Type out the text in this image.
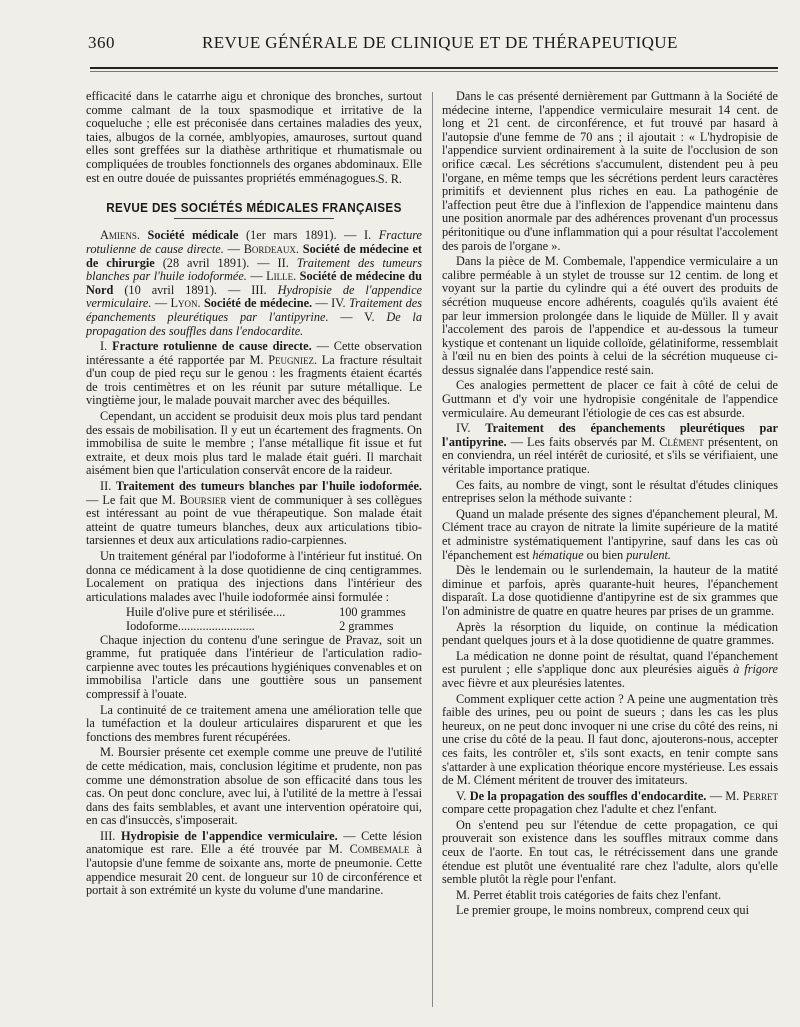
360	REVUE GÉNÉRALE DE CLINIQUE ET DE THÉRAPEUTIQUE

efficacité dans le catarrhe aigu et chronique des bronches, surtout comme calmant de la toux spasmodique et irritative de la coqueluche ; elle est préconisée dans certaines maladies des yeux, taies, albugos de la cornée, amblyopies, amauroses, surtout quand elles sont greffées sur la diathèse arthritique et rhumatismale ou compliquées de troubles fonctionnels des organes abdominaux. Elle est en outre douée de puissantes propriétés emménagogues. S. R.
REVUE DES SOCIÉTÉS MÉDICALES FRANÇAISES

Amiens. Société médicale (1er mars 1891). — I. Fracture rotulienne de cause directe. — Bordeaux. Société de médecine et de chirurgie (28 avril 1891). — II. Traitement des tumeurs blanches par l'huile iodoformée. — Lille. Société de médecine du Nord (10 avril 1891). — III. Hydropisie de l'appendice vermiculaire. — Lyon. Société de médecine. — IV. Traitement des épanchements pleurétiques par l'antipyrine. — V. De la propagation des souffles dans l'endocardite.

I. Fracture rotulienne de cause directe. — Cette observation intéressante a été rapportée par M. Peugniez. La fracture résultait d'un coup de pied reçu sur le genou : les fragments étaient écartés de trois centimètres et on les réunit par suture métallique. Le vingtième jour, le malade pouvait marcher avec des béquilles.

Cependant, un accident se produisit deux mois plus tard pendant des essais de mobilisation. Il y eut un écartement des fragments. On immobilisa de suite le membre ; l'anse métallique fit issue et fut extraite, et deux mois plus tard le malade était guéri. Il marchait aisément bien que l'articulation conservât encore de la raideur.

II. Traitement des tumeurs blanches par l'huile iodoformée. — Le fait que M. Boursier vient de communiquer à ses collègues est intéressant au point de vue thérapeutique. Son malade était atteint de quatre tumeurs blanches, deux aux articulations tibio-tarsiennes et deux aux articulations radio-carpiennes.

Un traitement général par l'iodoforme à l'intérieur fut institué. On donna ce médicament à la dose quotidienne de cinq centigrammes. Localement on pratiqua des injections dans l'intérieur des articulations malades avec l'huile iodoformée ainsi formulée :

Huile d'olive pure et stérilisée....	100 grammes
Iodoforme.........................	2 grammes

Chaque injection du contenu d'une seringue de Pravaz, soit un gramme, fut pratiquée dans l'intérieur de l'articulation radio-carpienne avec toutes les précautions hygiéniques convenables et on immobilisa l'article dans une gouttière sous un pansement compressif à l'ouate.

La continuité de ce traitement amena une amélioration telle que la tuméfaction et la douleur articulaires disparurent et que les fonctions des membres furent récupérées.

M. Boursier présente cet exemple comme une preuve de l'utilité de cette médication, mais, conclusion légitime et prudente, non pas comme une démonstration absolue de son efficacité dans tous les cas. On peut donc conclure, avec lui, à l'utilité de la mettre à l'essai dans des faits semblables, et avant une intervention opératoire qui, en cas d'insuccès, s'imposerait.

III. Hydropisie de l'appendice vermiculaire. — Cette lésion anatomique est rare. Elle a été trouvée par M. Combemale à l'autopsie d'une femme de soixante ans, morte de pneumonie. Cette appendice mesurait 20 cent. de longueur sur 10 de circonférence et portait à son extrémité un kyste du volume d'une mandarine.

Dans le cas présenté dernièrement par Guttmann à la Société de médecine interne, l'appendice vermiculaire mesurait 14 cent. de long et 21 cent. de circonférence, et fut trouvé par hasard à l'autopsie d'une femme de 70 ans ; il ajoutait : « L'hydropisie de l'appendice survient ordinairement à la suite de l'occlusion de son orifice cæcal. Les sécrétions s'accumulent, distendent peu à peu l'organe, en même temps que les sécrétions perdent leurs caractères primitifs et deviennent plus riches en eau. La pathogénie de l'affection peut être due à l'inflexion de l'appendice maintenu dans une position anormale par des adhérences provenant d'un processus péritonitique ou d'une inflammation qui a pour résultat l'accolement des parois de l'organe ».

Dans la pièce de M. Combemale, l'appendice vermiculaire a un calibre perméable à un stylet de trousse sur 12 centim. de long et voyant sur la partie du cylindre qui a été ouvert des produits de sécrétion muqueuse encore adhérents, coagulés qu'ils avaient été par leur immersion prolongée dans le liquide de Müller. Il y avait l'accolement des parois de l'appendice et au-dessous la tumeur kystique et contenant un liquide colloïde, gélatiniforme, ressemblait à l'œil nu en bien des points à celui de la sécrétion muqueuse ci-dessus signalée dans l'appendice resté sain.

Ces analogies permettent de placer ce fait à côté de celui de Guttmann et d'y voir une hydropisie congénitale de l'appendice vermiculaire. Au demeurant l'étiologie de ces cas est absurde.

IV. Traitement des épanchements pleurétiques par l'antipyrine. — Les faits observés par M. Clément présentent, on en conviendra, un réel intérêt de curiosité, et s'ils se vérifiaient, une véritable importance pratique.

Ces faits, au nombre de vingt, sont le résultat d'études cliniques entreprises selon la méthode suivante :

Quand un malade présente des signes d'épanchement pleural, M. Clément trace au crayon de nitrate la limite supérieure de la matité et administre systématiquement l'antipyrine, sauf dans les cas où l'épanchement est hématique ou bien purulent.

Dès le lendemain ou le surlendemain, la hauteur de la matité diminue et parfois, après quarante-huit heures, l'épanchement disparaît. La dose quotidienne d'antipyrine est de six grammes que l'on administre de quatre en quatre heures par prises de un gramme.

Après la résorption du liquide, on continue la médication pendant quelques jours et à la dose quotidienne de quatre grammes.

La médication ne donne point de résultat, quand l'épanchement est purulent ; elle s'applique donc aux pleurésies aiguës à frigore avec fièvre et aux pleurésies latentes.

Comment expliquer cette action ? A peine une augmentation très faible des urines, peu ou point de sueurs ; dans les cas les plus heureux, on ne peut donc invoquer ni une crise du côté des reins, ni une crise du côté de la peau. Il faut donc, ajouterons-nous, accepter ces faits, les contrôler et, s'ils sont exacts, en tenir compte sans s'attarder à une explication théorique encore mystérieuse. Les essais de M. Clément méritent de trouver des imitateurs.

V. De la propagation des souffles d'endocardite. — M. Perret compare cette propagation chez l'adulte et chez l'enfant.

On s'entend peu sur l'étendue de cette propagation, ce qui prouverait son existence dans les souffles mitraux comme dans ceux de l'aorte. En tout cas, le rétrécissement dans une grande étendue est plutôt une éventualité rare chez l'adulte, alors qu'elle semble plutôt la règle pour l'enfant.

M. Perret établit trois catégories de faits chez l'enfant.

Le premier groupe, le moins nombreux, comprend ceux qui
